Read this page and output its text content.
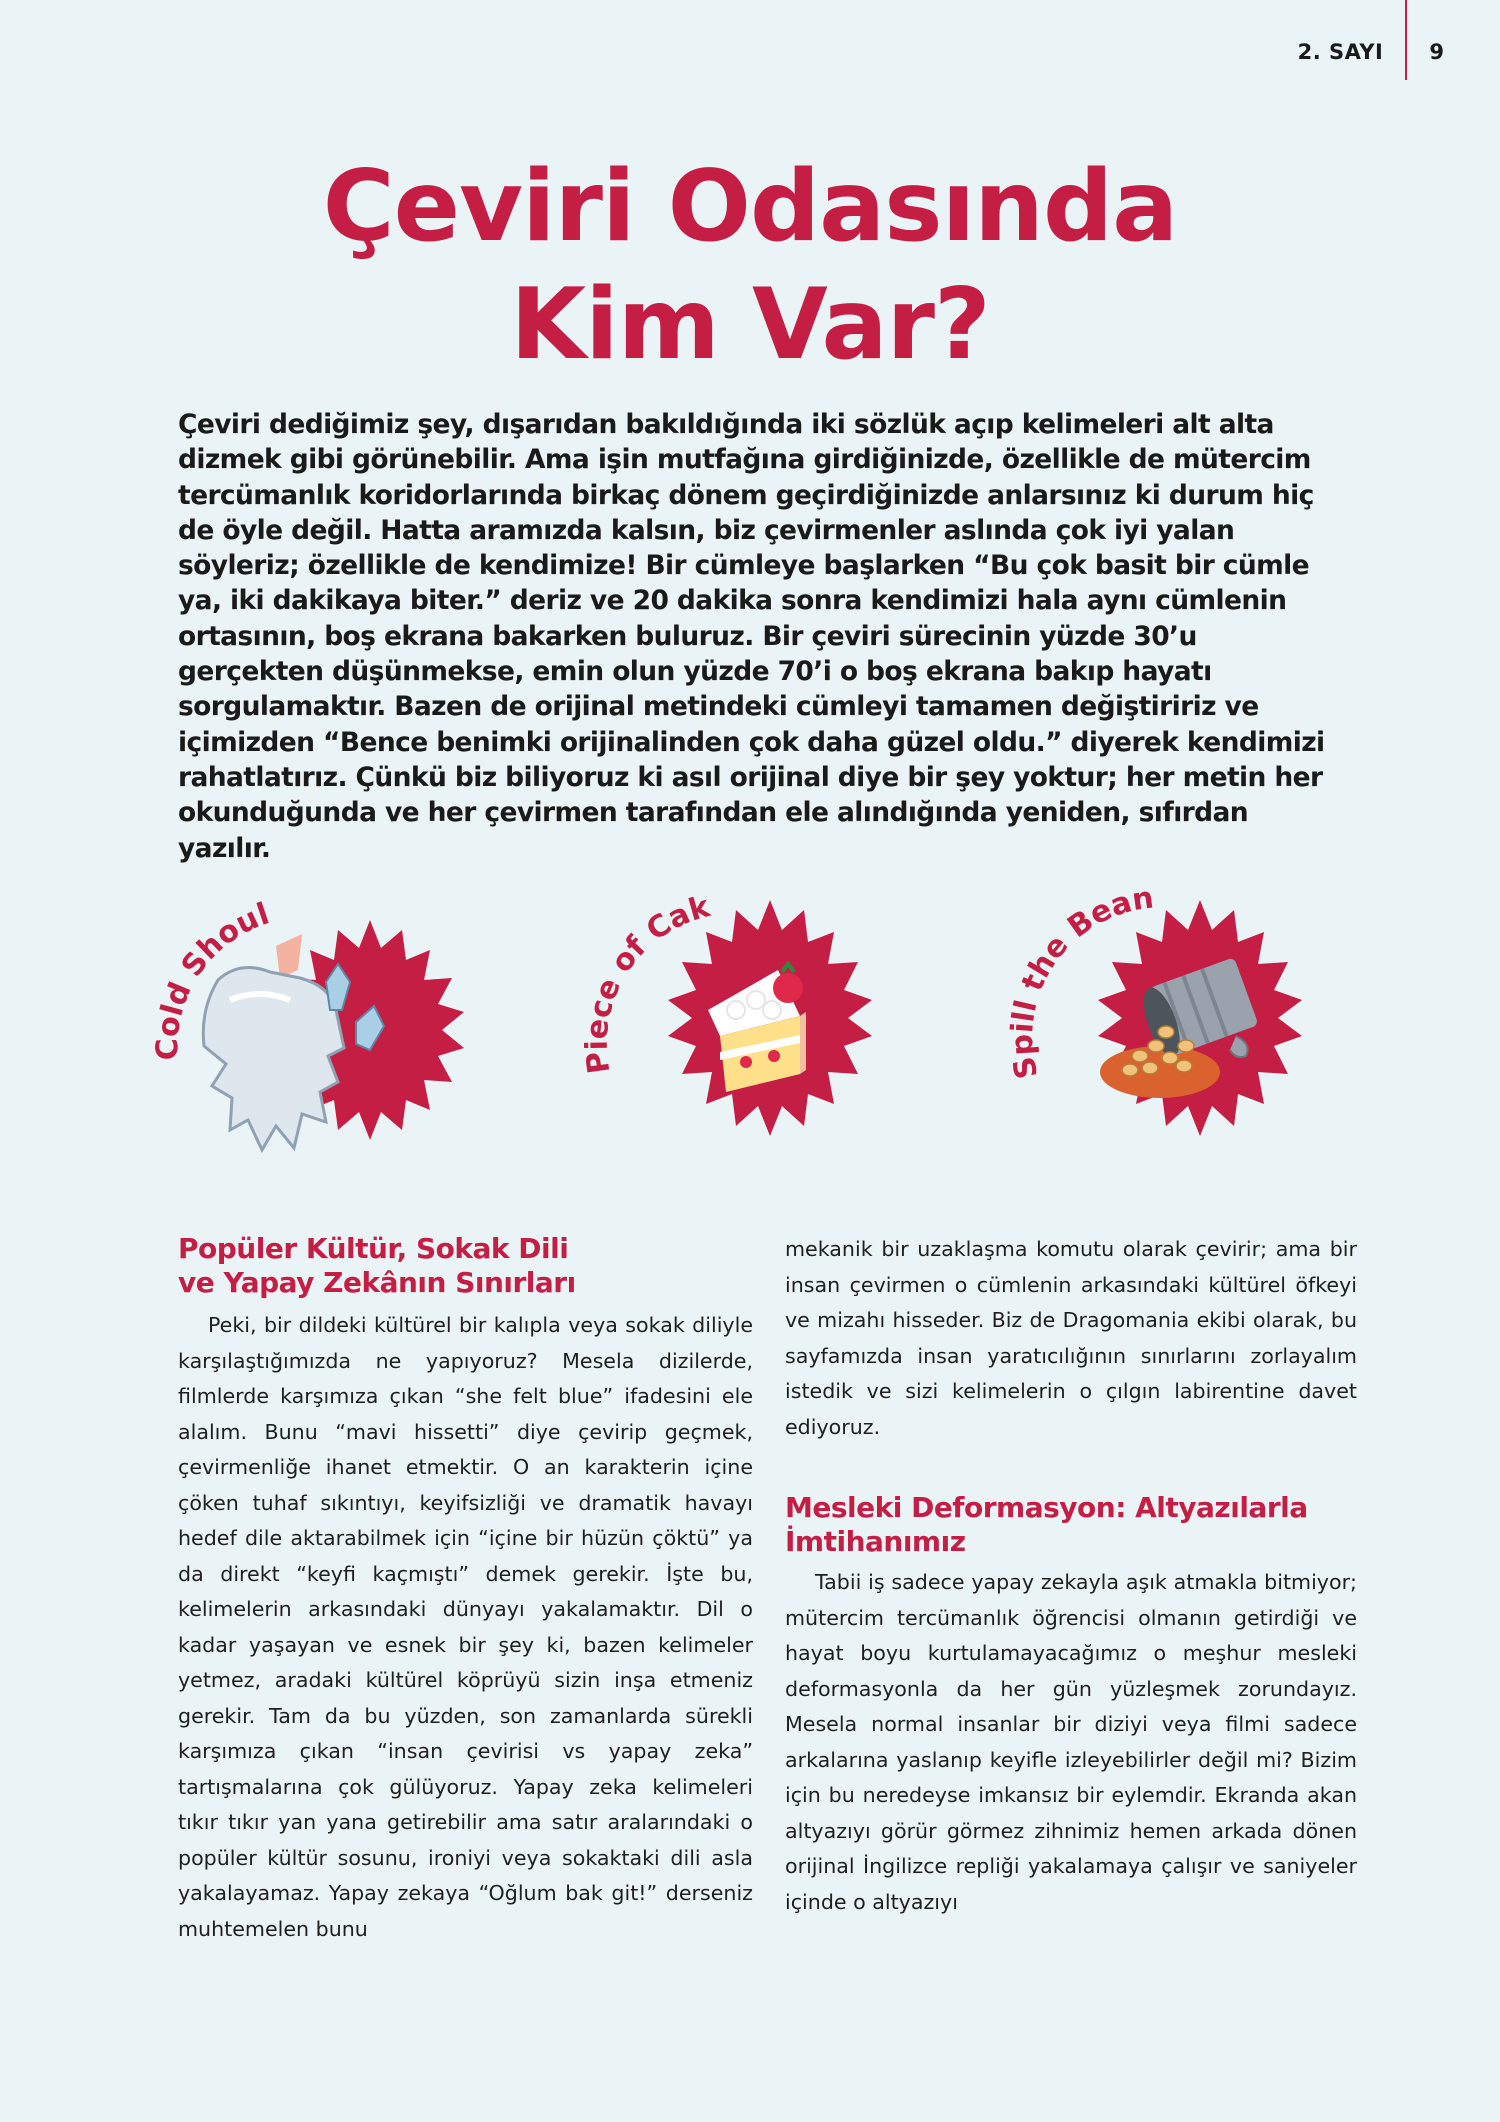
2. SAYI	9
Çeviri Odasında
Kim Var?

Çeviri dediğimiz şey, dışarıdan bakıldığında iki sözlük açıp kelimeleri alt alta dizmek gibi görünebilir. Ama işin mutfağına girdiğinizde, özellikle de mütercim tercümanlık koridorlarında birkaç dönem geçirdiğinizde anlarsınız ki durum hiç de öyle değil. Hatta aramızda kalsın, biz çevirmenler aslında çok iyi yalan söyleriz; özellikle de kendimize! Bir cümleye başlarken “Bu çok basit bir cümle ya, iki dakikaya biter.” deriz ve 20 dakika sonra kendimizi hala aynı cümlenin ortasının, boş ekrana bakarken buluruz. Bir çeviri sürecinin yüzde 30’u gerçekten düşünmekse, emin olun yüzde 70’i o boş ekrana bakıp hayatı sorgulamaktır. Bazen de orijinal metindeki cümleyi tamamen değiştiririz ve içimizden “Bence benimki orijinalinden çok daha güzel oldu.” diyerek kendimizi rahatlatırız. Çünkü biz biliyoruz ki asıl orijinal diye bir şey yoktur; her metin her okunduğunda ve her çevirmen tarafından ele alındığında yeniden, sıfırdan yazılır.

Cold Shoulder
Piece of Cake
Spill the Beans
Popüler Kültür, Sokak Dili
ve Yapay Zekânın Sınırları

Peki, bir dildeki kültürel bir kalıpla veya sokak diliyle karşılaştığımızda ne yapıyoruz? Mesela dizilerde, filmlerde karşımıza çıkan “she felt blue” ifadesini ele alalım. Bunu “mavi hissetti” diye çevirip geçmek, çevirmenliğe ihanet etmektir. O an karakterin içine çöken tuhaf sıkıntıyı, keyifsizliği ve dramatik havayı hedef dile aktarabilmek için “içine bir hüzün çöktü” ya da direkt “keyfi kaçmıştı” demek gerekir. İşte bu, kelimelerin arkasındaki dünyayı yakalamaktır. Dil o kadar yaşayan ve esnek bir şey ki, bazen kelimeler yetmez, aradaki kültürel köprüyü sizin inşa etmeniz gerekir. Tam da bu yüzden, son zamanlarda sürekli karşımıza çıkan “insan çevirisi vs yapay zeka” tartışmalarına çok gülüyoruz. Yapay zeka kelimeleri tıkır tıkır yan yana getirebilir ama satır aralarındaki o popüler kültür sosunu, ironiyi veya sokaktaki dili asla yakalayamaz. Yapay zekaya “Oğlum bak git!” derseniz muhtemelen bunu

mekanik bir uzaklaşma komutu olarak çevirir; ama bir insan çevirmen o cümlenin arkasındaki kültürel öfkeyi ve mizahı hisseder. Biz de Dragomania ekibi olarak, bu sayfamızda insan yaratıcılığının sınırlarını zorlayalım istedik ve sizi kelimelerin o çılgın labirentine davet ediyoruz.

Mesleki Deformasyon: Altyazılarla
İmtihanımız

Tabii iş sadece yapay zekayla aşık atmakla bitmiyor; mütercim tercümanlık öğrencisi olmanın getirdiği ve hayat boyu kurtulamayacağımız o meşhur mesleki deformasyonla da her gün yüzleşmek zorundayız. Mesela normal insanlar bir diziyi veya filmi sadece arkalarına yaslanıp keyifle izleyebilirler değil mi? Bizim için bu neredeyse imkansız bir eylemdir. Ekranda akan altyazıyı görür görmez zihnimiz hemen arkada dönen orijinal İngilizce repliği yakalamaya çalışır ve saniyeler içinde o altyazıyı
